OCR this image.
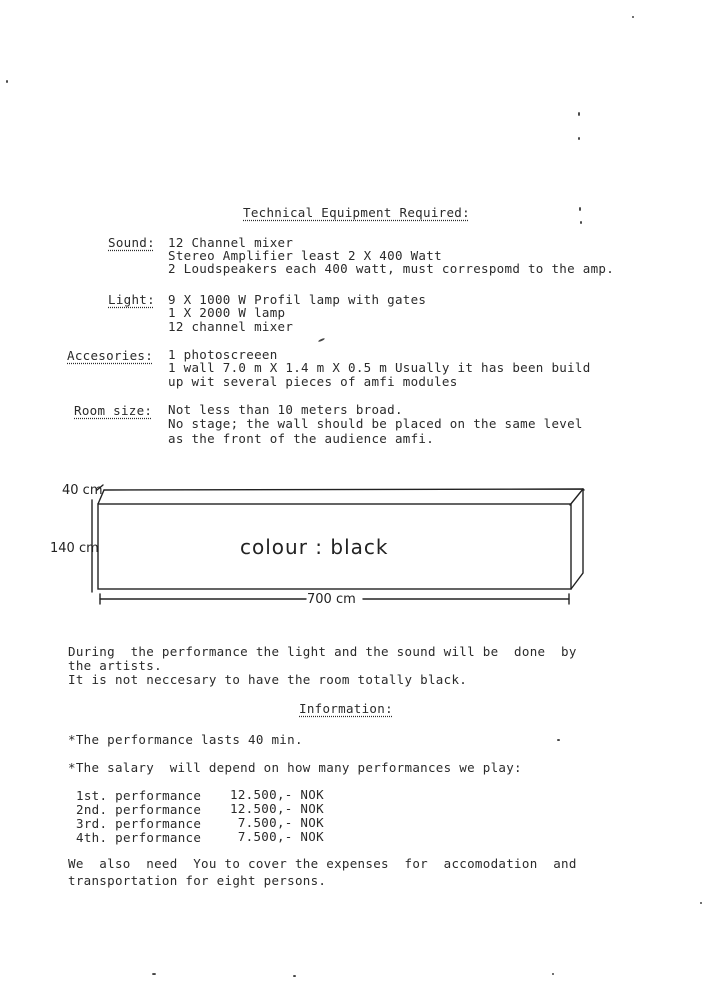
Technical Equipment Required:
Sound: 12 Channel mixer
Stereo Amplifier least 2 X 400 Watt
2 Loudspeakers each 400 watt, must correspomd to the amp.
Light: 9 X 1000 W Profil lamp with gates
1 X 2000 W lamp
12 channel mixer
Accesories: 1 photoscreeen
1 wall 7.0 m X 1.4 m X 0.5 m Usually it has been build
up wit several pieces of amfi modules
Room size: Not less than 10 meters broad.
No stage; the wall should be placed on the same level
as the front of the audience amfi.
40 cm
140 cm
700 cm
colour : black
During  the performance the light and the sound will be  done  by
the artists.
It is not neccesary to have the room totally black.
Information:
*The performance lasts 40 min.
*The salary  will depend on how many performances we play:
1st. performance 12.500,- NOK
2nd. performance 12.500,- NOK
3rd. performance 7.500,- NOK
4th. performance 7.500,- NOK
We  also  need  You to cover the expenses  for  accomodation  and
transportation for eight persons.
